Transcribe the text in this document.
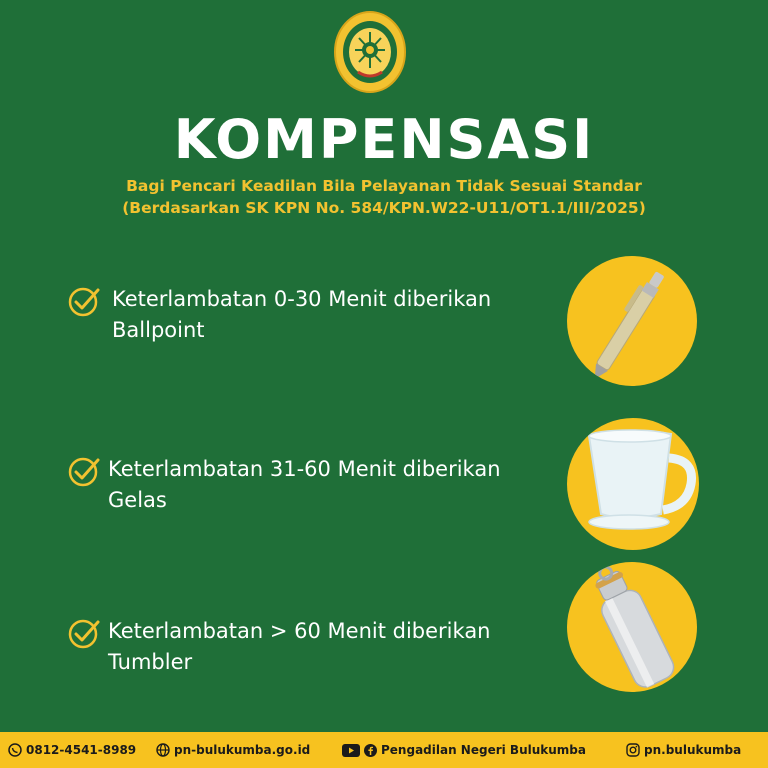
KOMPENSASI
Bagi Pencari Keadilan Bila Pelayanan Tidak Sesuai Standar
(Berdasarkan SK KPN No. 584/KPN.W22-U11/OT1.1/III/2025)
Keterlambatan 0-30 Menit diberikan
Ballpoint
Keterlambatan 31-60 Menit diberikan
Gelas
Keterlambatan > 60 Menit diberikan
Tumbler
0812-4541-8989	pn-bulukumba.go.id	Pengadilan Negeri Bulukumba	pn.bulukumba
